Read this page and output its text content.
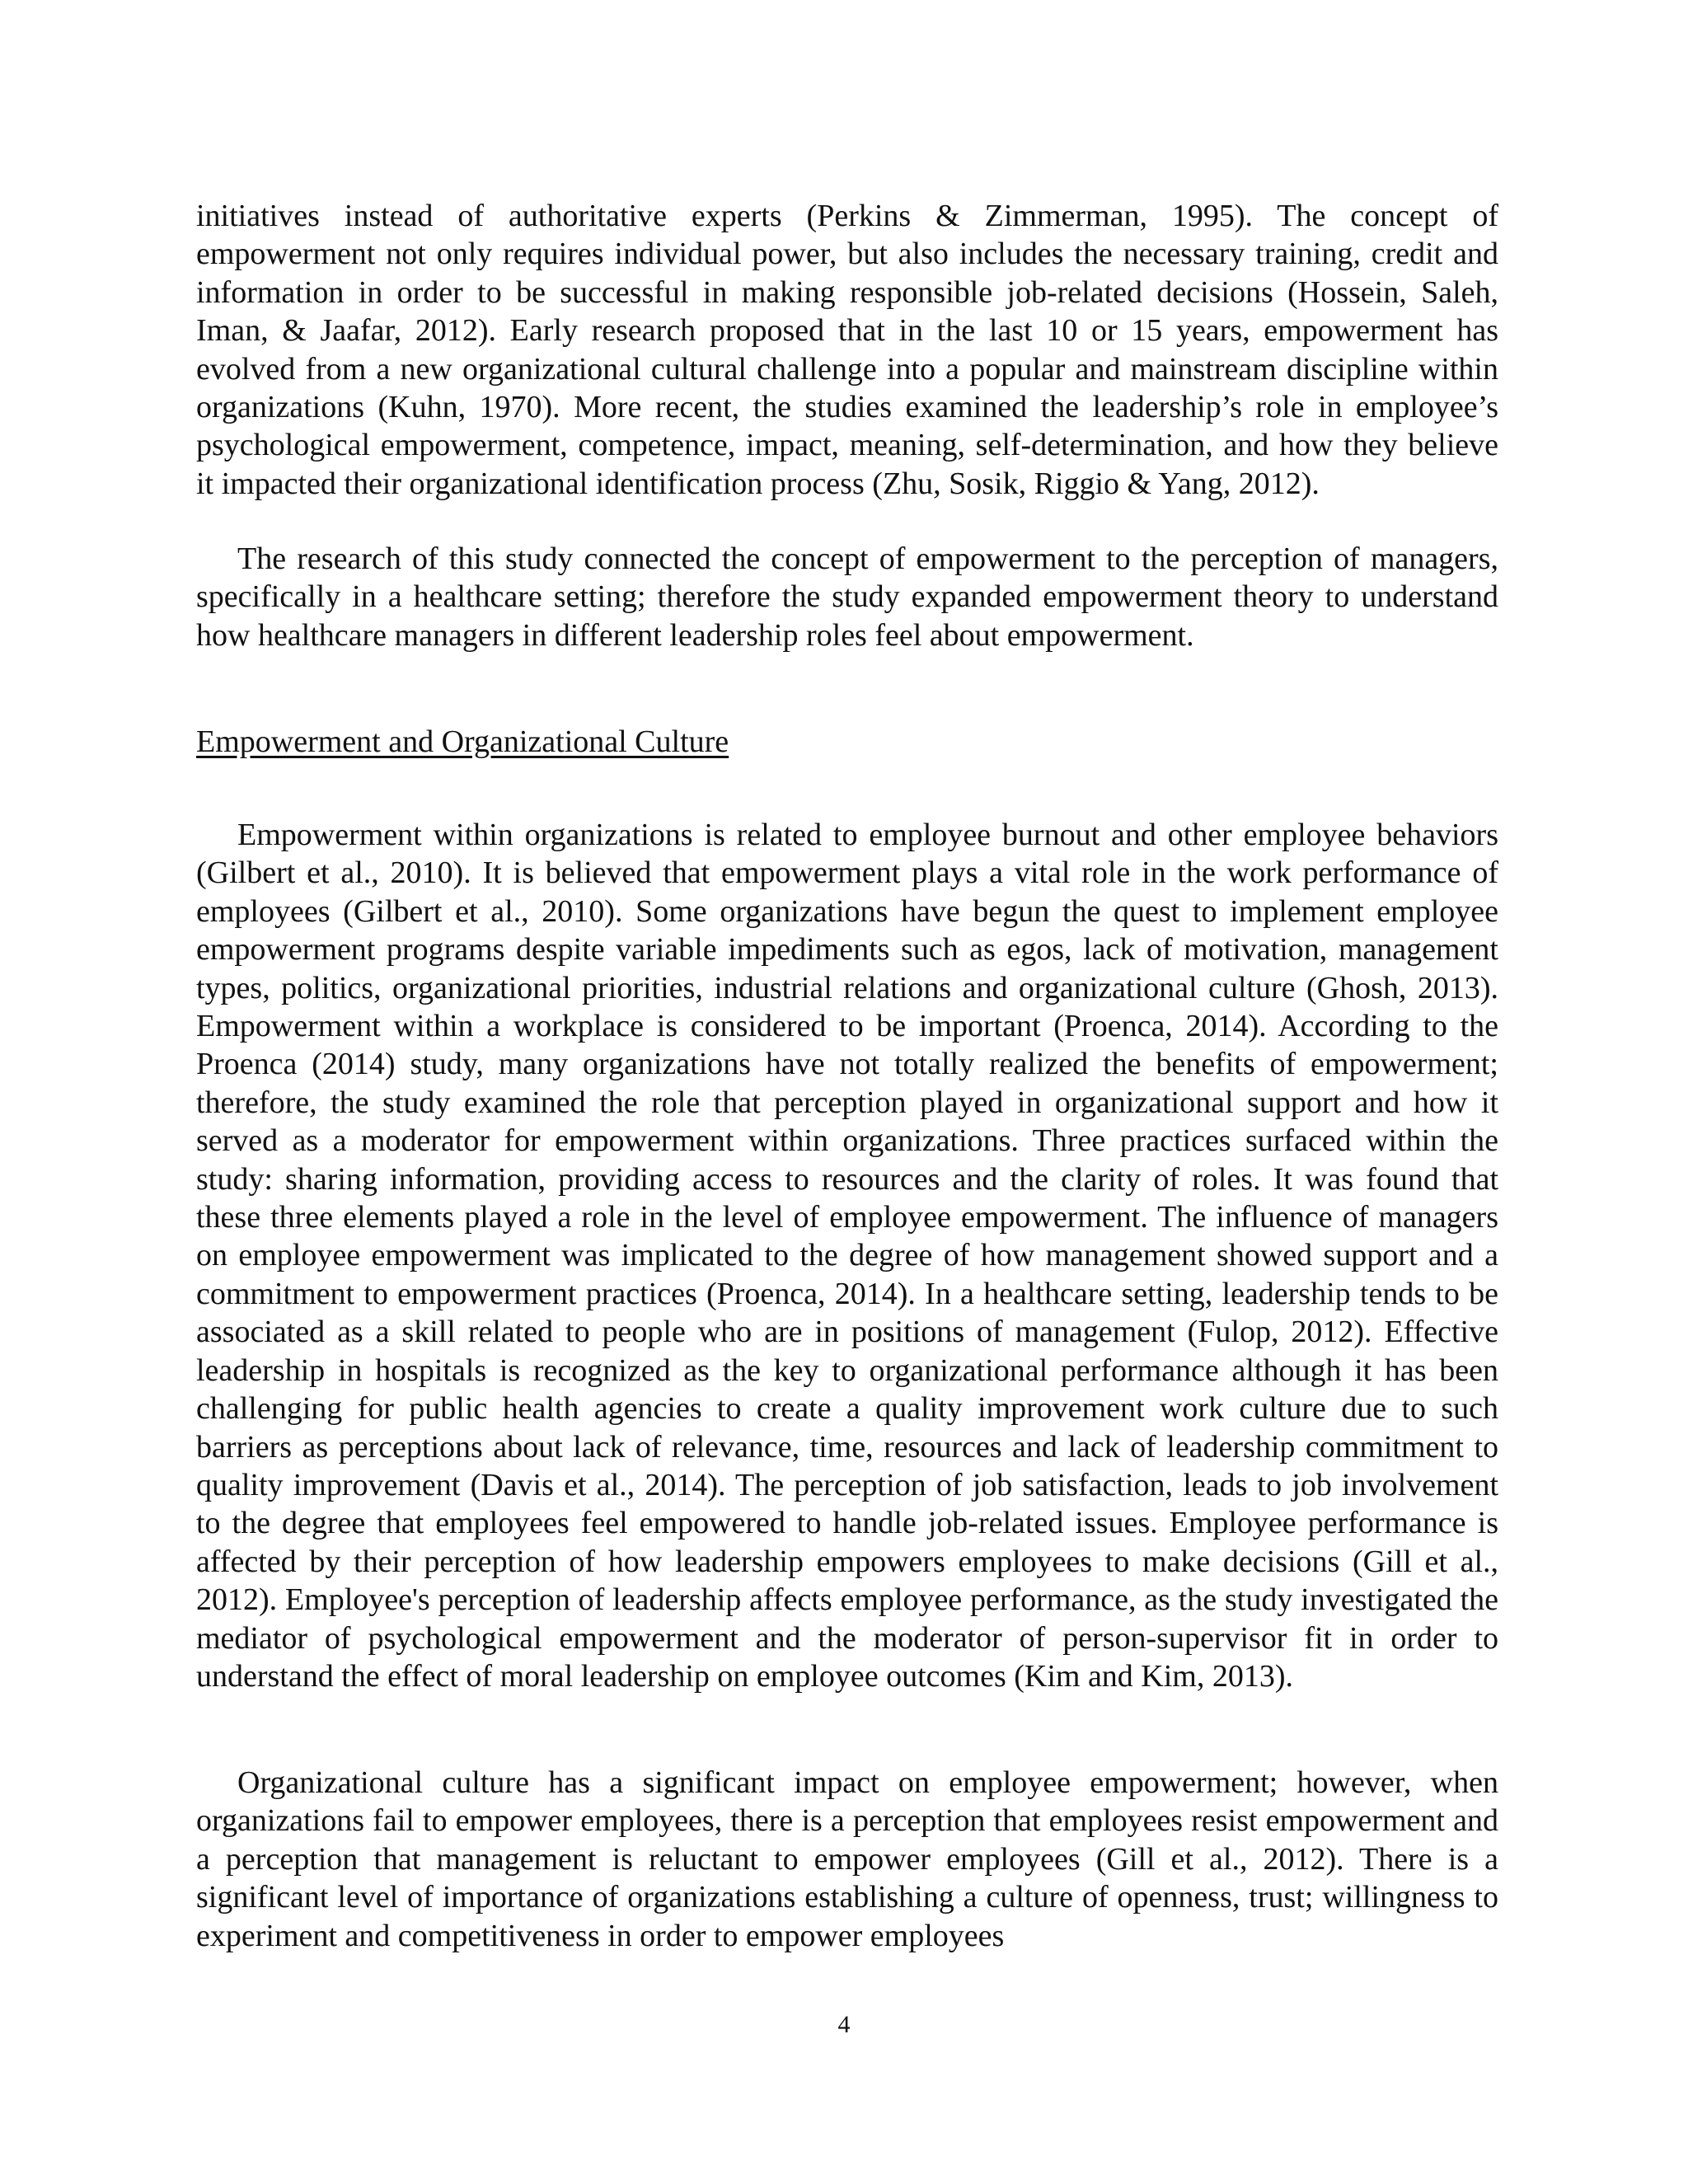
initiatives instead of authoritative experts (Perkins & Zimmerman, 1995). The concept of empowerment not only requires individual power, but also includes the necessary training, credit and information in order to be successful in making responsible job-related decisions (Hossein, Saleh, Iman, & Jaafar, 2012). Early research proposed that in the last 10 or 15 years, empowerment has evolved from a new organizational cultural challenge into a popular and mainstream discipline within organizations (Kuhn, 1970). More recent, the studies examined the leadership’s role in employee’s psychological empowerment, competence, impact, meaning, self-determination, and how they believe it impacted their organizational identification process (Zhu, Sosik, Riggio & Yang, 2012).

The research of this study connected the concept of empowerment to the perception of managers, specifically in a healthcare setting; therefore the study expanded empowerment theory to understand how healthcare managers in different leadership roles feel about empowerment.

Empowerment and Organizational Culture

Empowerment within organizations is related to employee burnout and other employee behaviors (Gilbert et al., 2010). It is believed that empowerment plays a vital role in the work performance of employees (Gilbert et al., 2010). Some organizations have begun the quest to implement employee empowerment programs despite variable impediments such as egos, lack of motivation, management types, politics, organizational priorities, industrial relations and organizational culture (Ghosh, 2013). Empowerment within a workplace is considered to be important (Proenca, 2014). According to the Proenca (2014) study, many organizations have not totally realized the benefits of empowerment; therefore, the study examined the role that perception played in organizational support and how it served as a moderator for empowerment within organizations. Three practices surfaced within the study: sharing information, providing access to resources and the clarity of roles. It was found that these three elements played a role in the level of employee empowerment. The influence of managers on employee empowerment was implicated to the degree of how management showed support and a commitment to empowerment practices (Proenca, 2014). In a healthcare setting, leadership tends to be associated as a skill related to people who are in positions of management (Fulop, 2012). Effective leadership in hospitals is recognized as the key to organizational performance although it has been challenging for public health agencies to create a quality improvement work culture due to such barriers as perceptions about lack of relevance, time, resources and lack of leadership commitment to quality improvement (Davis et al., 2014). The perception of job satisfaction, leads to job involvement to the degree that employees feel empowered to handle job-related issues. Employee performance is affected by their perception of how leadership empowers employees to make decisions (Gill et al., 2012). Employee's perception of leadership affects employee performance, as the study investigated the mediator of psychological empowerment and the moderator of person-supervisor fit in order to understand the effect of moral leadership on employee outcomes (Kim and Kim, 2013).

Organizational culture has a significant impact on employee empowerment; however, when organizations fail to empower employees, there is a perception that employees resist empowerment and a perception that management is reluctant to empower employees (Gill et al., 2012). There is a significant level of importance of organizations establishing a culture of openness, trust; willingness to experiment and competitiveness in order to empower employees

4
